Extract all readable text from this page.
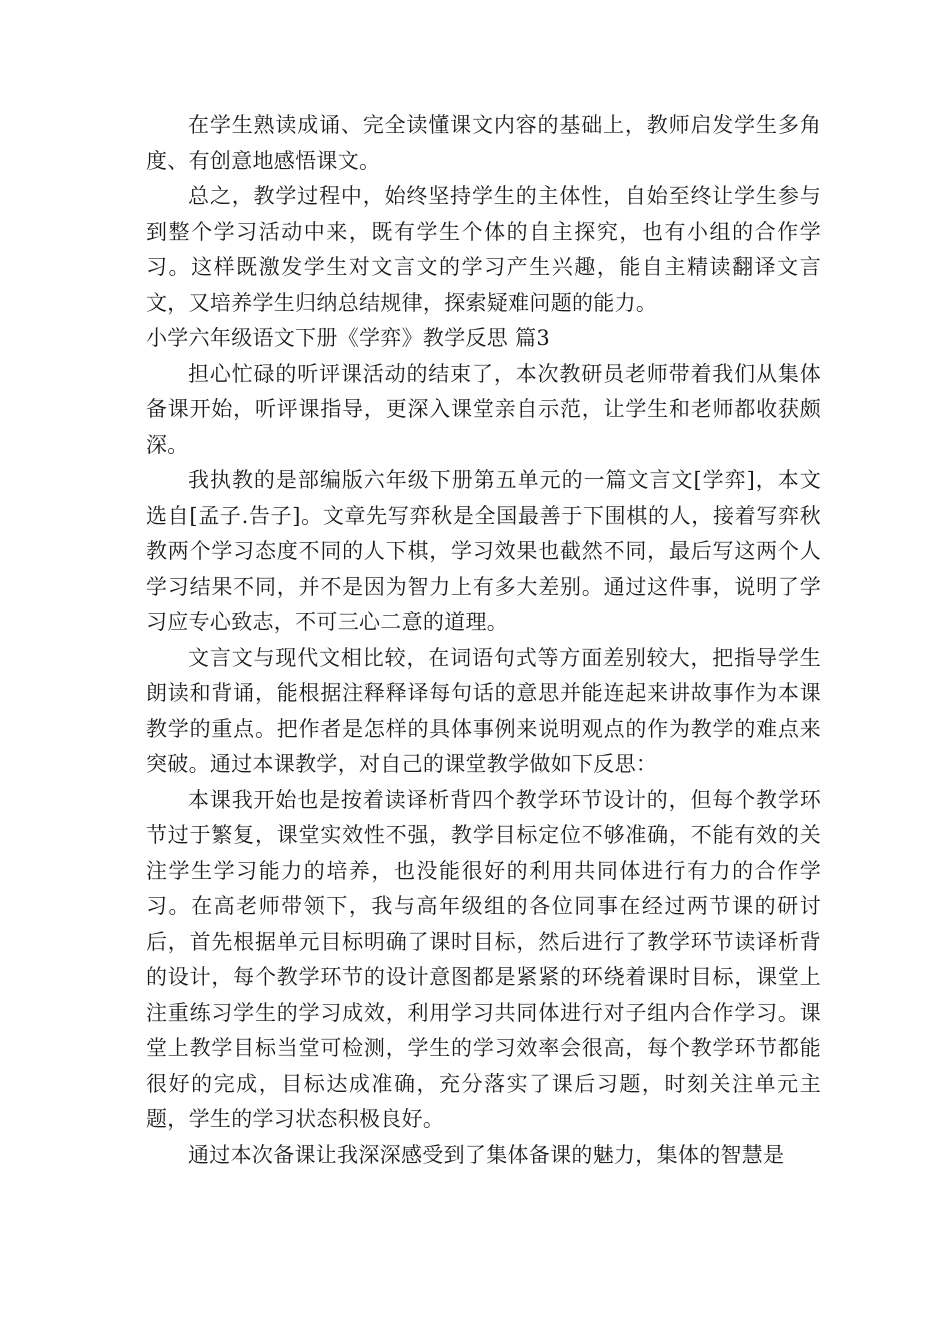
在学生熟读成诵、完全读懂课文内容的基础上，教师启发学生多角度、有创意地感悟课文。

总之，教学过程中，始终坚持学生的主体性，自始至终让学生参与到整个学习活动中来，既有学生个体的自主探究，也有小组的合作学习。这样既激发学生对文言文的学习产生兴趣，能自主精读翻译文言文，又培养学生归纳总结规律，探索疑难问题的能力。

小学六年级语文下册《学弈》教学反思 篇3

担心忙碌的听评课活动的结束了，本次教研员老师带着我们从集体备课开始，听评课指导，更深入课堂亲自示范，让学生和老师都收获颇深。

我执教的是部编版六年级下册第五单元的一篇文言文[学弈]，本文选自[孟子.告子]。文章先写弈秋是全国最善于下围棋的人，接着写弈秋教两个学习态度不同的人下棋，学习效果也截然不同，最后写这两个人学习结果不同，并不是因为智力上有多大差别。通过这件事，说明了学习应专心致志，不可三心二意的道理。

文言文与现代文相比较，在词语句式等方面差别较大，把指导学生朗读和背诵，能根据注释释译每句话的意思并能连起来讲故事作为本课教学的重点。把作者是怎样的具体事例来说明观点的作为教学的难点来突破。通过本课教学，对自己的课堂教学做如下反思：

本课我开始也是按着读译析背四个教学环节设计的，但每个教学环节过于繁复，课堂实效性不强，教学目标定位不够准确，不能有效的关注学生学习能力的培养，也没能很好的利用共同体进行有力的合作学习。在高老师带领下，我与高年级组的各位同事在经过两节课的研讨后，首先根据单元目标明确了课时目标，然后进行了教学环节读译析背的设计，每个教学环节的设计意图都是紧紧的环绕着课时目标，课堂上注重练习学生的学习成效，利用学习共同体进行对子组内合作学习。课堂上教学目标当堂可检测，学生的学习效率会很高，每个教学环节都能很好的完成，目标达成准确，充分落实了课后习题，时刻关注单元主题，学生的学习状态积极良好。

通过本次备课让我深深感受到了集体备课的魅力，集体的智慧是
